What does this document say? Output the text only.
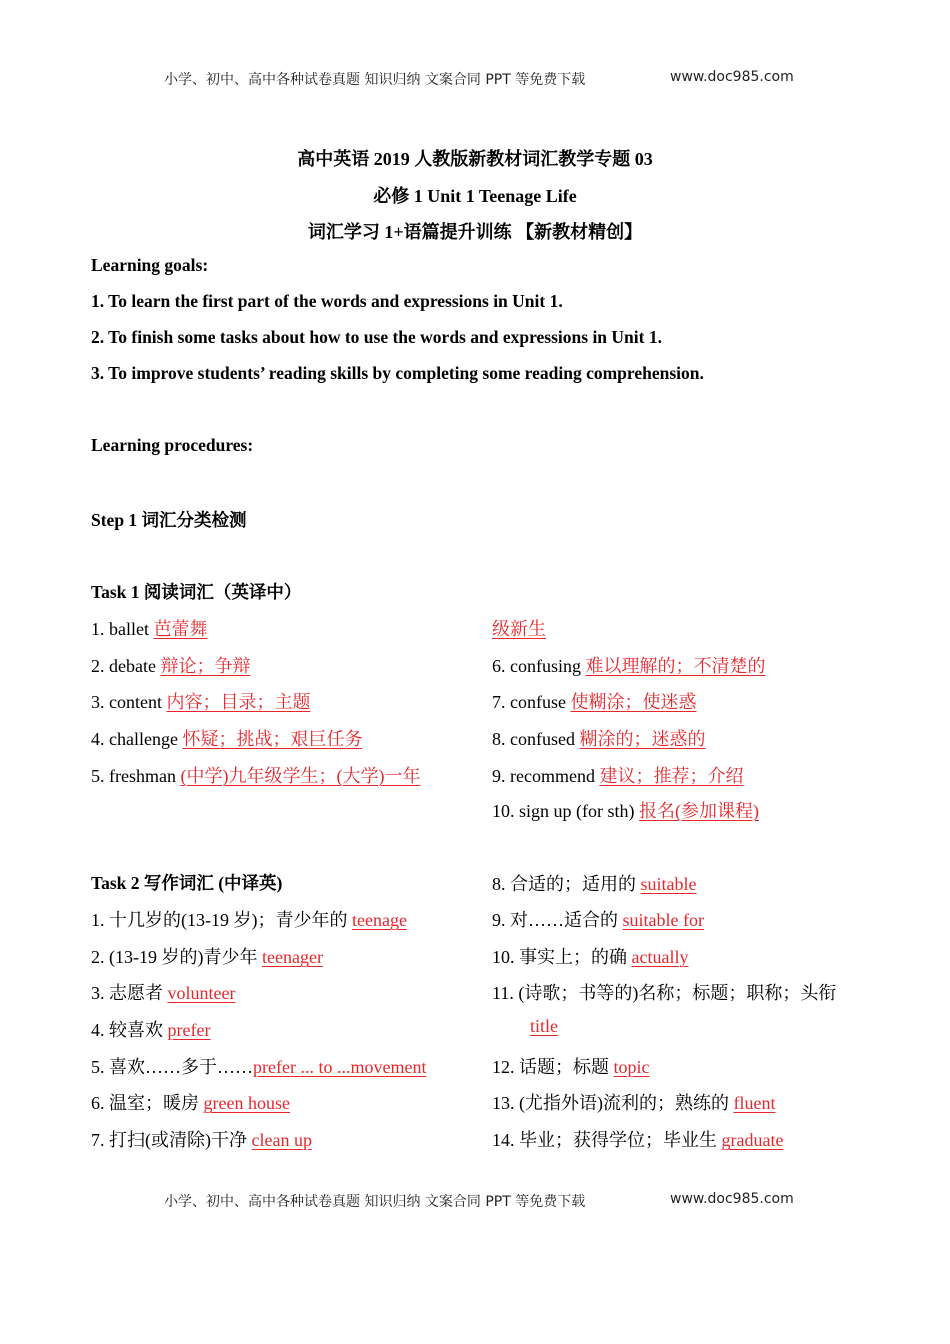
小学、初中、高中各种试卷真题 知识归纳 文案合同 PPT 等免费下载	www.doc985.com
高中英语 2019 人教版新教材词汇教学专题 03
必修 1 Unit 1 Teenage Life
词汇学习 1+语篇提升训练 【新教材精创】
Learning goals:
1. To learn the first part of the words and expressions in Unit 1.
2. To finish some tasks about how to use the words and expressions in Unit 1.
3. To improve students’ reading skills by completing some reading comprehension.
Learning procedures:
Step 1 词汇分类检测
Task 1 阅读词汇（英译中）
1. ballet 芭蕾舞
2. debate 辩论；争辩
3. content 内容；目录；主题
4. challenge 怀疑；挑战；艰巨任务
5. freshman (中学)九年级学生；(大学)一年
级新生
6. confusing 难以理解的；不清楚的
7. confuse 使糊涂；使迷惑
8. confused 糊涂的；迷惑的
9. recommend 建议；推荐；介绍
10. sign up (for sth) 报名(参加课程)
Task 2 写作词汇 (中译英)
1. 十几岁的(13-19 岁)；青少年的 teenage
2. (13-19 岁的)青少年 teenager
3. 志愿者 volunteer
4. 较喜欢 prefer
5. 喜欢……多于……prefer ... to ...movement
6. 温室；暖房 green house
7. 打扫(或清除)干净 clean up
8. 合适的；适用的 suitable
9. 对……适合的 suitable for
10. 事实上；的确 actually
11. (诗歌；书等的)名称；标题；职称；头衔
title
12. 话题；标题 topic
13. (尤指外语)流利的；熟练的 fluent
14. 毕业；获得学位；毕业生 graduate
小学、初中、高中各种试卷真题 知识归纳 文案合同 PPT 等免费下载	www.doc985.com
